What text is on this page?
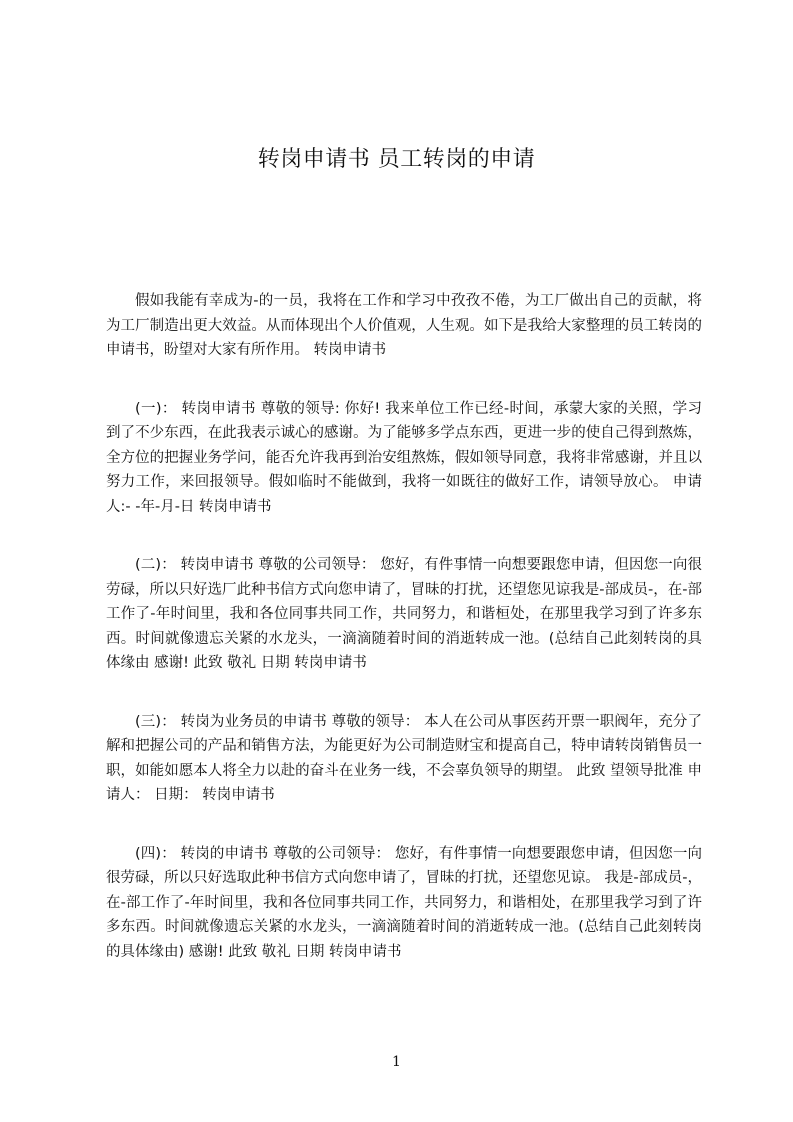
转岗申请书 员工转岗的申请

假如我能有幸成为-的一员，我将在工作和学习中孜孜不倦，为工厂做出自己的贡献，将为工厂制造出更大效益。从而体现出个人价值观，人生观。如下是我给大家整理的员工转岗的申请书，盼望对大家有所作用。 转岗申请书

(一)： 转岗申请书 尊敬的领导: 你好! 我来单位工作已经-时间，承蒙大家的关照，学习到了不少东西，在此我表示诚心的感谢。为了能够多学点东西，更进一步的使自己得到熬炼，全方位的把握业务学问，能否允许我再到治安组熬炼，假如领导同意，我将非常感谢，并且以努力工作，来回报领导。假如临时不能做到，我将一如既往的做好工作，请领导放心。 申请人:- -年-月-日 转岗申请书

(二)： 转岗申请书 尊敬的公司领导： 您好，有件事情一向想要跟您申请，但因您一向很劳碌，所以只好选厂此种书信方式向您申请了，冒昧的打扰，还望您见谅我是-部成员-，在-部工作了-年时间里，我和各位同事共同工作，共同努力，和谐桓处，在那里我学习到了许多东西。时间就像遗忘关紧的水龙头，一滴滴随着时间的消逝转成一池。(总结自己此刻转岗的具体缘由 感谢! 此致 敬礼 日期 转岗申请书

(三)： 转岗为业务员的申请书 尊敬的领导： 本人在公司从事医药开票一职阀年，充分了解和把握公司的产品和销售方法，为能更好为公司制造财宝和提高自己，特申请转岗销售员一职，如能如愿本人将全力以赴的奋斗在业务一线，不会辜负领导的期望。 此致 望领导批准 申请人： 日期： 转岗申请书

(四)： 转岗的申请书 尊敬的公司领导： 您好，有件事情一向想要跟您申请，但因您一向很劳碌，所以只好选取此种书信方式向您申请了，冒昧的打扰，还望您见谅。 我是-部成员-，在-部工作了-年时间里，我和各位同事共同工作，共同努力，和谐相处，在那里我学习到了许多东西。时间就像遗忘关紧的水龙头，一滴滴随着时间的消逝转成一池。(总结自己此刻转岗的具体缘由) 感谢! 此致 敬礼 日期 转岗申请书

1
